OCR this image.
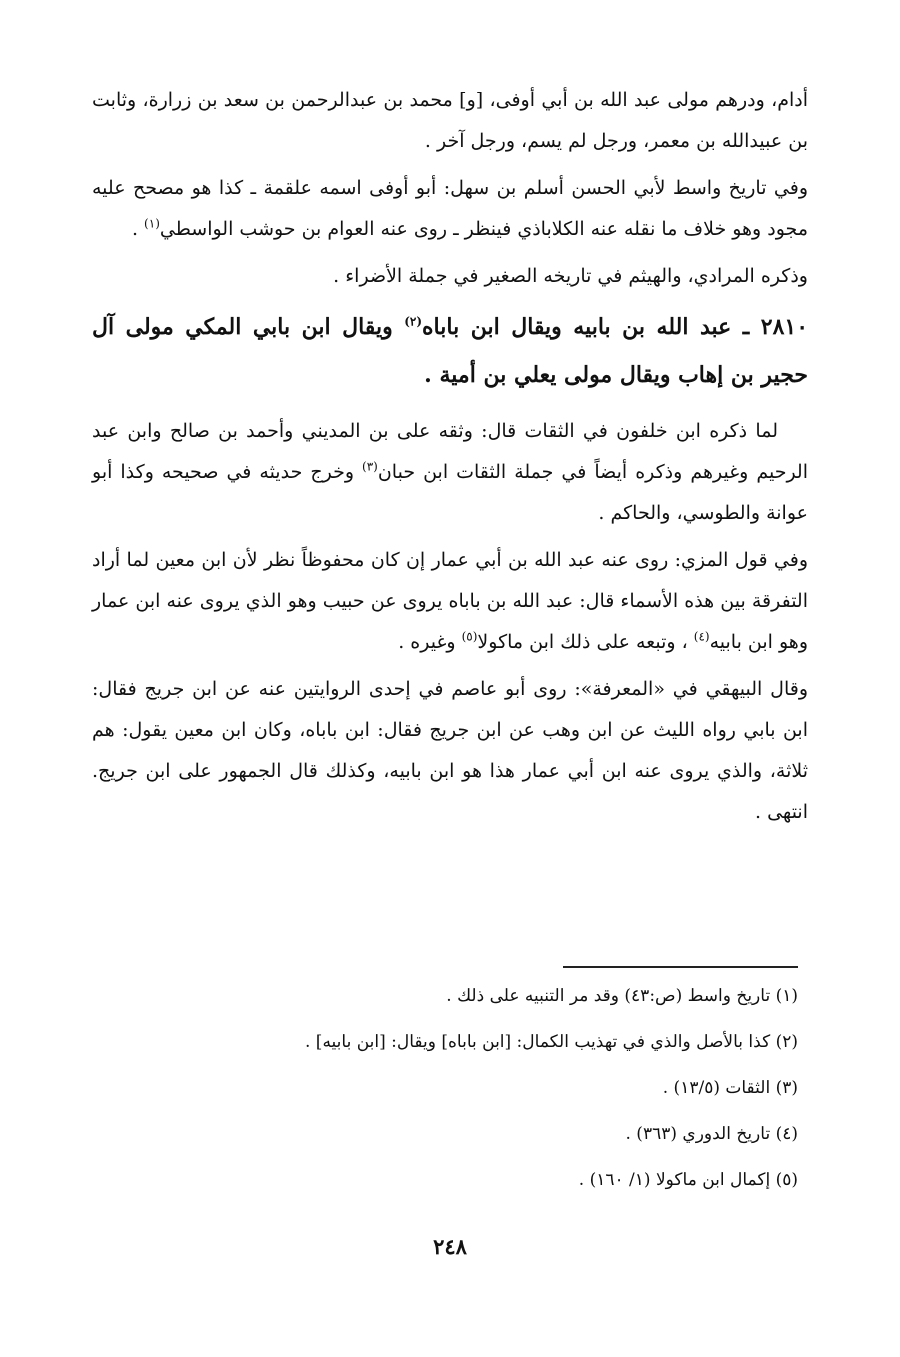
أدام، ودرهم مولى عبد الله بن أبي أوفى، [و] محمد بن عبدالرحمن بن سعد بن زرارة، وثابت بن عبيدالله بن معمر، ورجل لم يسم، ورجل آخر .

وفي تاريخ واسط لأبي الحسن أسلم بن سهل: أبو أوفى اسمه علقمة ـ كذا هو مصحح عليه مجود وهو خلاف ما نقله عنه الكلاباذي فينظر ـ روى عنه العوام بن حوشب الواسطي$^{(١)}$ .

وذكره المرادي، والهيثم في تاريخه الصغير في جملة الأضراء .

٢٨١٠ ـ عبد الله بن بابيه ويقال ابن باباه$^{(٢)}$ ويقال ابن بابي المكي مولى آل حجير بن إهاب ويقال مولى يعلي بن أمية .

لما ذكره ابن خلفون في الثقات قال: وثقه على بن المديني وأحمد بن صالح وابن عبد الرحيم وغيرهم وذكره أيضاً في جملة الثقات ابن حبان$^{(٣)}$ وخرج حديثه في صحيحه وكذا أبو عوانة والطوسي، والحاكم .

وفي قول المزي: روى عنه عبد الله بن أبي عمار إن كان محفوظاً نظر لأن ابن معين لما أراد التفرقة بين هذه الأسماء قال: عبد الله بن باباه يروى عن حبيب وهو الذي يروى عنه ابن عمار وهو ابن بابيه$^{(٤)}$ ، وتبعه على ذلك ابن ماكولا$^{(٥)}$ وغيره .

وقال البيهقي في «المعرفة»: روى أبو عاصم في إحدى الروايتين عنه عن ابن جريج فقال: ابن بابي رواه الليث عن ابن وهب عن ابن جريج فقال: ابن باباه، وكان ابن معين يقول: هم ثلاثة، والذي يروى عنه ابن أبي عمار هذا هو ابن بابيه، وكذلك قال الجمهور على ابن جريج. انتهى .

(١) تاريخ واسط (ص:٤٣) وقد مر التنبيه على ذلك .

(٢) كذا بالأصل والذي في تهذيب الكمال: [ابن باباه] ويقال: [ابن بابيه] .

(٣) الثقات (١٣/٥) .

(٤) تاريخ الدوري (٣٦٣) .

(٥) إكمال ابن ماكولا (١/ ١٦٠) .

٢٤٨
